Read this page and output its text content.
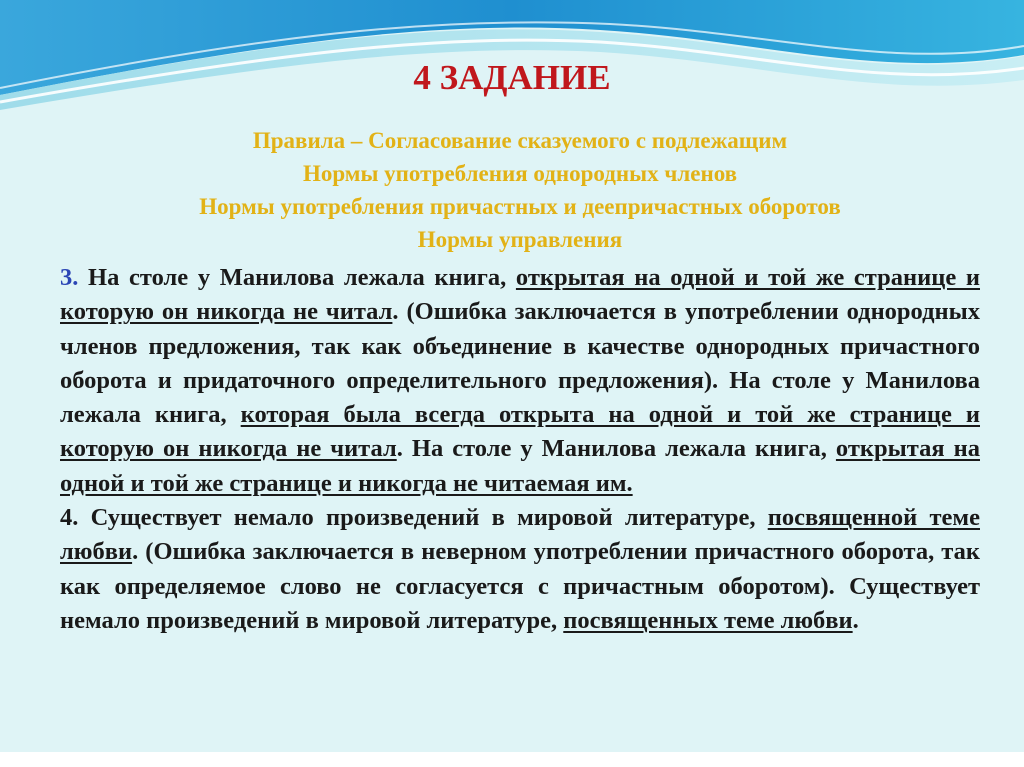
4 ЗАДАНИЕ
Правила – Согласование сказуемого с подлежащим
Нормы употребления однородных членов
Нормы употребления причастных и деепричастных оборотов
Нормы управления

3. На столе у Манилова лежала книга, открытая на одной и той же странице и которую он никогда не читал. (Ошибка заключается в употреблении однородных членов предложения, так как объединение в качестве однородных причастного оборота и придаточного определительного предложения). На столе у Манилова лежала книга, которая была всегда открыта на одной и той же странице и которую он никогда не читал. На столе у Манилова лежала книга, открытая на одной и той же странице и никогда не читаемая им.

4. Существует немало произведений в мировой литературе, посвященной теме любви. (Ошибка заключается в неверном употреблении причастного оборота, так как определяемое слово не согласуется с причастным оборотом). Существует немало произведений в мировой литературе, посвященных теме любви.
